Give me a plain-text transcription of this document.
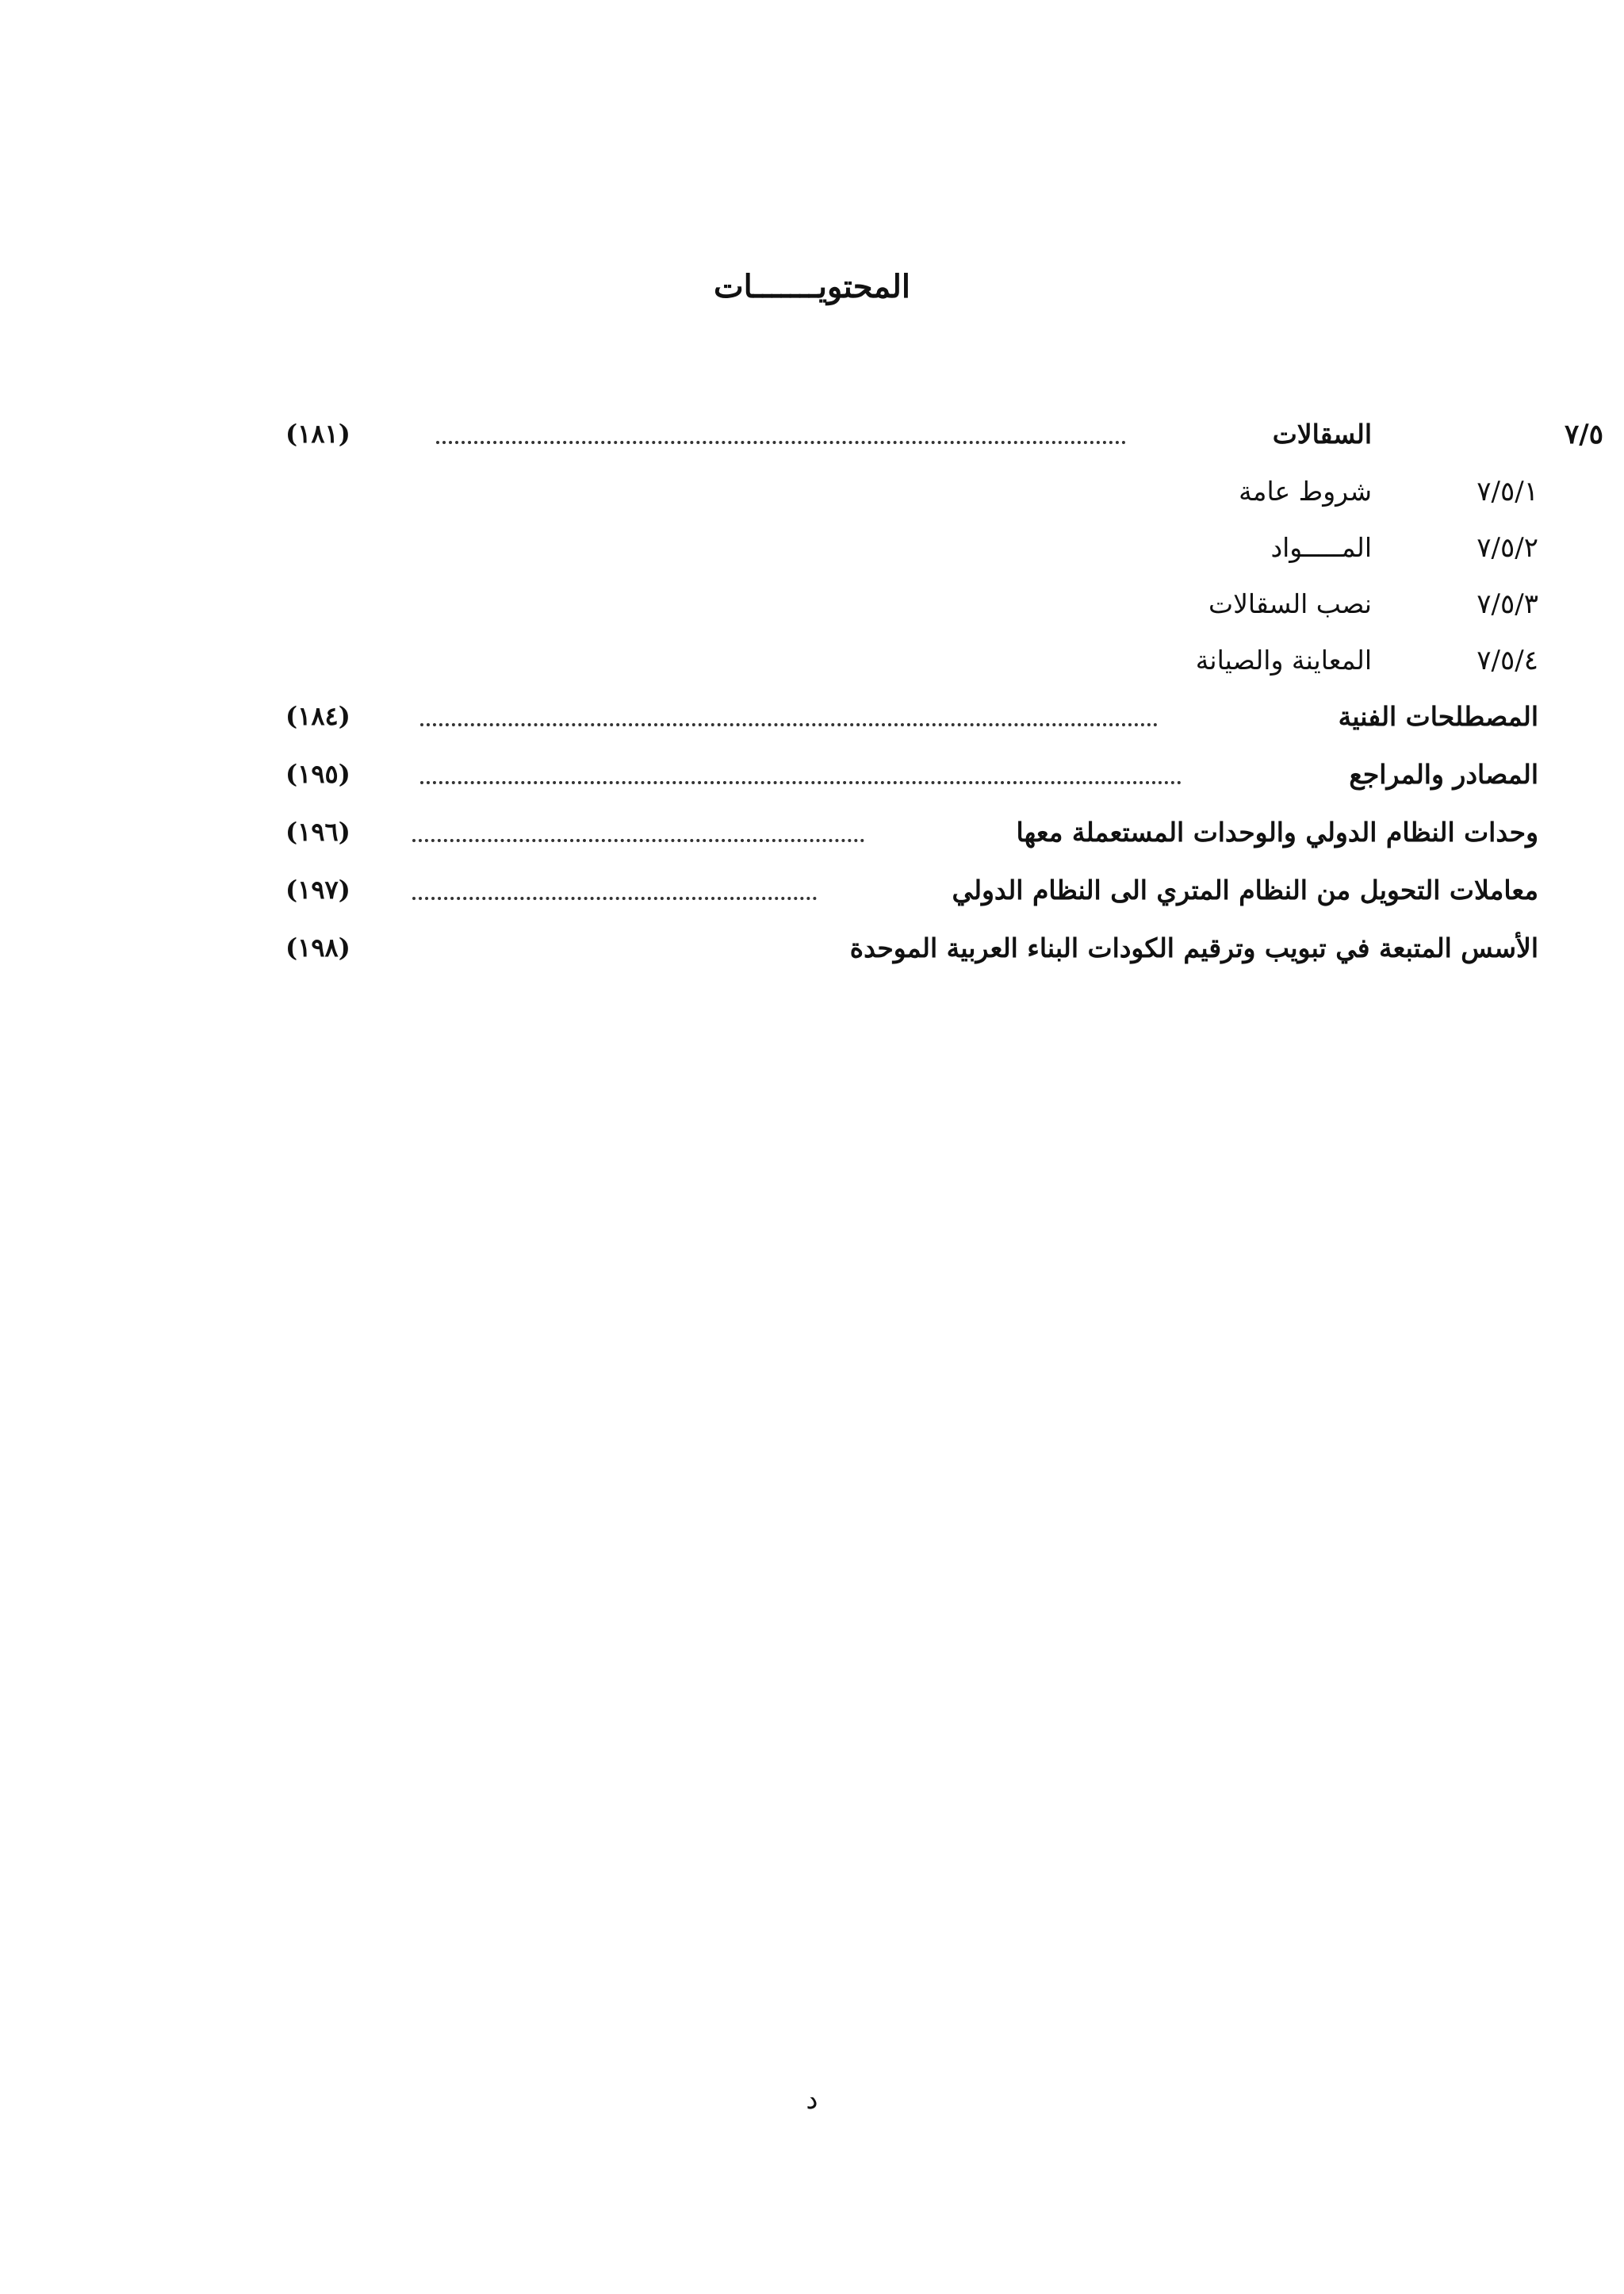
المحتويـــــــات
٧/٥
السقالات
(١٨١)
٧/٥/١
شروط عامة
٧/٥/٢
المـــــواد
٧/٥/٣
نصب السقالات
٧/٥/٤
المعاينة والصيانة
المصطلحات الفنية
(١٨٤)
المصادر والمراجع
(١٩٥)
وحدات النظام الدولي والوحدات المستعملة معها
(١٩٦)
معاملات التحويل من النظام المتري الى النظام الدولي
(١٩٧)
الأسس المتبعة في تبويب وترقيم الكودات البناء العربية الموحدة
(١٩٨)
د
